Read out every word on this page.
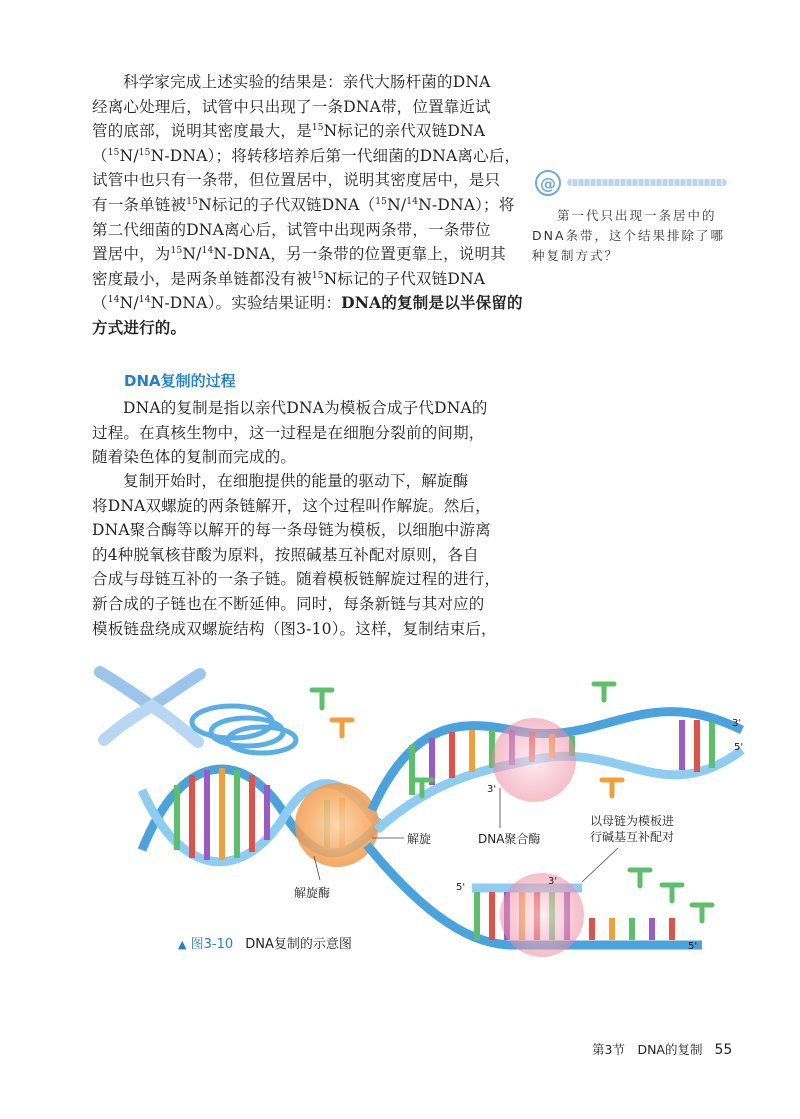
科学家完成上述实验的结果是：亲代大肠杆菌的DNA
经离心处理后，试管中只出现了一条DNA带，位置靠近试
管的底部，说明其密度最大，是$^{15}$N标记的亲代双链DNA
（$^{15}$N/$^{15}$N-DNA）；将转移培养后第一代细菌的DNA离心后，
试管中也只有一条带，但位置居中，说明其密度居中，是只
有一条单链被$^{15}$N标记的子代双链DNA（$^{15}$N/$^{14}$N-DNA）；将
第二代细菌的DNA离心后，试管中出现两条带，一条带位
置居中，为$^{15}$N/$^{14}$N-DNA，另一条带的位置更靠上，说明其
密度最小，是两条单链都没有被$^{15}$N标记的子代双链DNA
（$^{14}$N/$^{14}$N-DNA）。实验结果证明：DNA的复制是以半保留的
方式进行的。
DNA复制的过程
DNA的复制是指以亲代DNA为模板合成子代DNA的
过程。在真核生物中，这一过程是在细胞分裂前的间期，
随着染色体的复制而完成的。
复制开始时，在细胞提供的能量的驱动下，解旋酶
将DNA双螺旋的两条链解开，这个过程叫作解旋。然后，
DNA聚合酶等以解开的每一条母链为模板，以细胞中游离
的4种脱氧核苷酸为原料，按照碱基互补配对原则，各自
合成与母链互补的一条子链。随着模板链解旋过程的进行，
新合成的子链也在不断延伸。同时，每条新链与其对应的
模板链盘绕成双螺旋结构（图3-10）。这样，复制结束后，
@

第一代只出现一条居中的
DNA条带，这个结果排除了哪
种复制方式？

解旋
解旋酶
DNA聚合酶
以母链为模板进
行碱基互补配对
3'
5'
3'
5'
3'
5'
▲ 图3-10 DNA复制的示意图
第3节　DNA的复制 55
